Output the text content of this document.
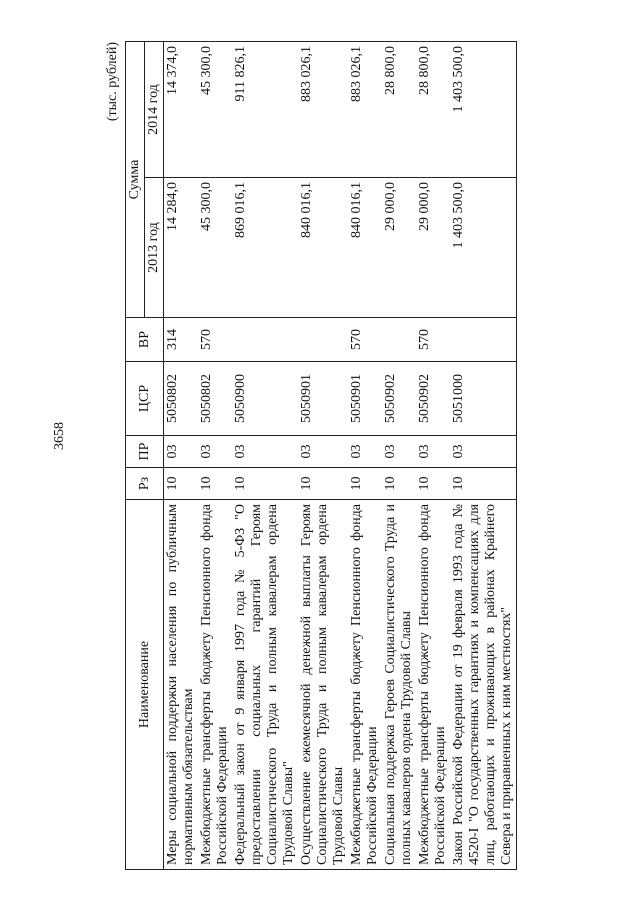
3658
(тыс. рублей)
Наименование	Рз	ПР	ЦСР	ВР	Сумма	
					2013 год	2014 год
Меры социальной поддержки населения по публичным нормативным обязательствам	10	03	5050802	314	14 284,0	14 374,0
Межбюджетные трансферты бюджету Пенсионного фонда Российской Федерации	10	03	5050802	570	45 300,0	45 300,0
Федеральный закон от 9 января 1997 года № 5-ФЗ "О предоставлении социальных гарантий Героям Социалистического Труда и полным кавалерам ордена Трудовой Славы"	10	03	5050900		869 016,1	911 826,1
Осуществление ежемесячной денежной выплаты Героям Социалистического Труда и полным кавалерам ордена Трудовой Славы	10	03	5050901		840 016,1	883 026,1
Межбюджетные трансферты бюджету Пенсионного фонда Российской Федерации	10	03	5050901	570	840 016,1	883 026,1
Социальная поддержка Героев Социалистического Труда и полных кавалеров ордена Трудовой Славы	10	03	5050902		29 000,0	28 800,0
Межбюджетные трансферты бюджету Пенсионного фонда Российской Федерации	10	03	5050902	570	29 000,0	28 800,0
Закон Российской Федерации от 19 февраля 1993 года № 4520-I "О государственных гарантиях и компенсациях для лиц, работающих и проживающих в районах Крайнего Севера и приравненных к ним местностях"	10	03	5051000		1 403 500,0	1 403 500,0
